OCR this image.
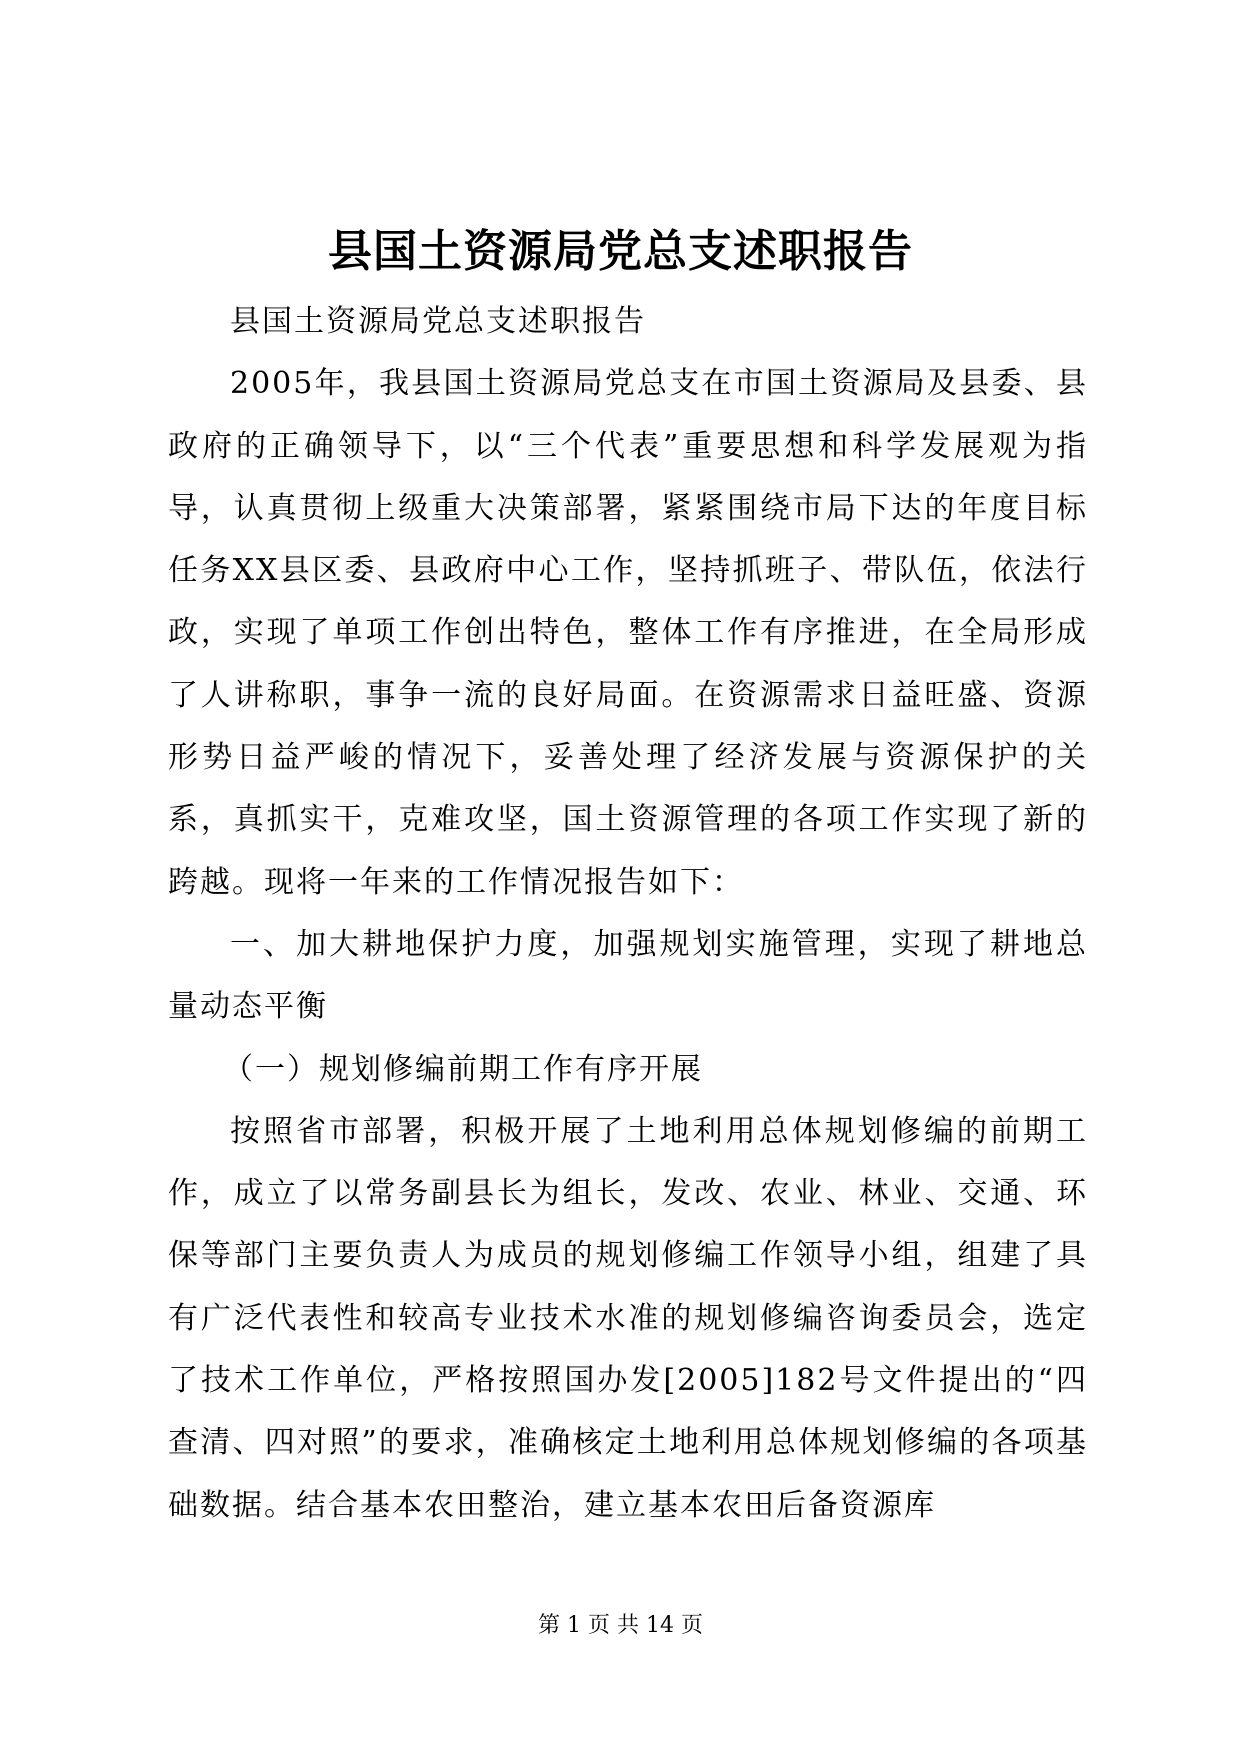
县国土资源局党总支述职报告

县国土资源局党总支述职报告

2005年，我县国土资源局党总支在市国土资源局及县委、县政府的正确领导下，以“三个代表”重要思想和科学发展观为指导，认真贯彻上级重大决策部署，紧紧围绕市局下达的年度目标任务XX县区委、县政府中心工作，坚持抓班子、带队伍，依法行政，实现了单项工作创出特色，整体工作有序推进，在全局形成了人讲称职，事争一流的良好局面。在资源需求日益旺盛、资源形势日益严峻的情况下，妥善处理了经济发展与资源保护的关系，真抓实干，克难攻坚，国土资源管理的各项工作实现了新的跨越。现将一年来的工作情况报告如下：

一、加大耕地保护力度，加强规划实施管理，实现了耕地总量动态平衡

（一）规划修编前期工作有序开展

按照省市部署，积极开展了土地利用总体规划修编的前期工作，成立了以常务副县长为组长，发改、农业、林业、交通、环保等部门主要负责人为成员的规划修编工作领导小组，组建了具有广泛代表性和较高专业技术水准的规划修编咨询委员会，选定了技术工作单位，严格按照国办发[2005]182号文件提出的“四查清、四对照”的要求，准确核定土地利用总体规划修编的各项基础数据。结合基本农田整治，建立基本农田后备资源库

第 1 页 共 14 页
